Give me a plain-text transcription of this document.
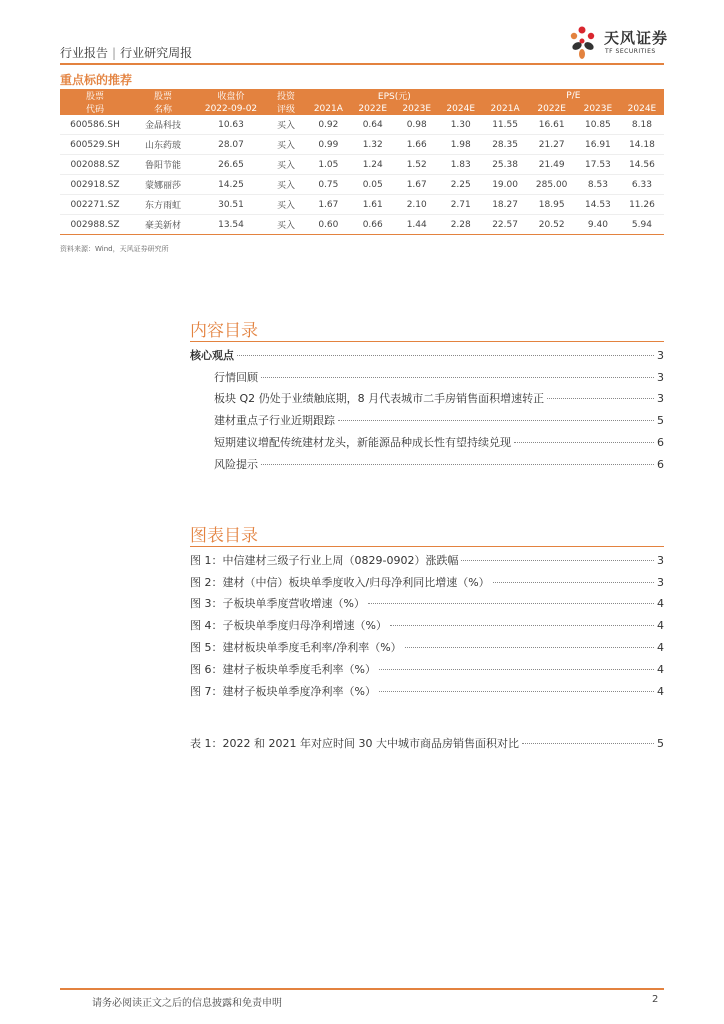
行业报告 | 行业研究周报
天风证券
TF SECURITIES
重点标的推荐
股票	股票	收盘价	投资	EPS(元)				P/E			
代码	名称	2022-09-02	评级	2021A	2022E	2023E	2024E	2021A	2022E	2023E	2024E
600586.SH	金晶科技	10.63	买入	0.92	0.64	0.98	1.30	11.55	16.61	10.85	8.18
600529.SH	山东药玻	28.07	买入	0.99	1.32	1.66	1.98	28.35	21.27	16.91	14.18
002088.SZ	鲁阳节能	26.65	买入	1.05	1.24	1.52	1.83	25.38	21.49	17.53	14.56
002918.SZ	蒙娜丽莎	14.25	买入	0.75	0.05	1.67	2.25	19.00	285.00	8.53	6.33
002271.SZ	东方雨虹	30.51	买入	1.67	1.61	2.10	2.71	18.27	18.95	14.53	11.26
002988.SZ	豪美新材	13.54	买入	0.60	0.66	1.44	2.28	22.57	20.52	9.40	5.94
资料来源：Wind，天风证券研究所
内容目录
核心观点	3
行情回顾	3
板块 Q2 仍处于业绩触底期，8 月代表城市二手房销售面积增速转正	3
建材重点子行业近期跟踪	5
短期建议增配传统建材龙头，新能源品种成长性有望持续兑现	6
风险提示	6
图表目录
图 1：中信建材三级子行业上周（0829-0902）涨跌幅	3
图 2：建材（中信）板块单季度收入/归母净利同比增速（%）	3
图 3：子板块单季度营收增速（%）	4
图 4：子板块单季度归母净利增速（%）	4
图 5：建材板块单季度毛利率/净利率（%）	4
图 6：建材子板块单季度毛利率（%）	4
图 7：建材子板块单季度净利率（%）	4
表 1：2022 和 2021 年对应时间 30 大中城市商品房销售面积对比	5
请务必阅读正文之后的信息披露和免责申明	2
